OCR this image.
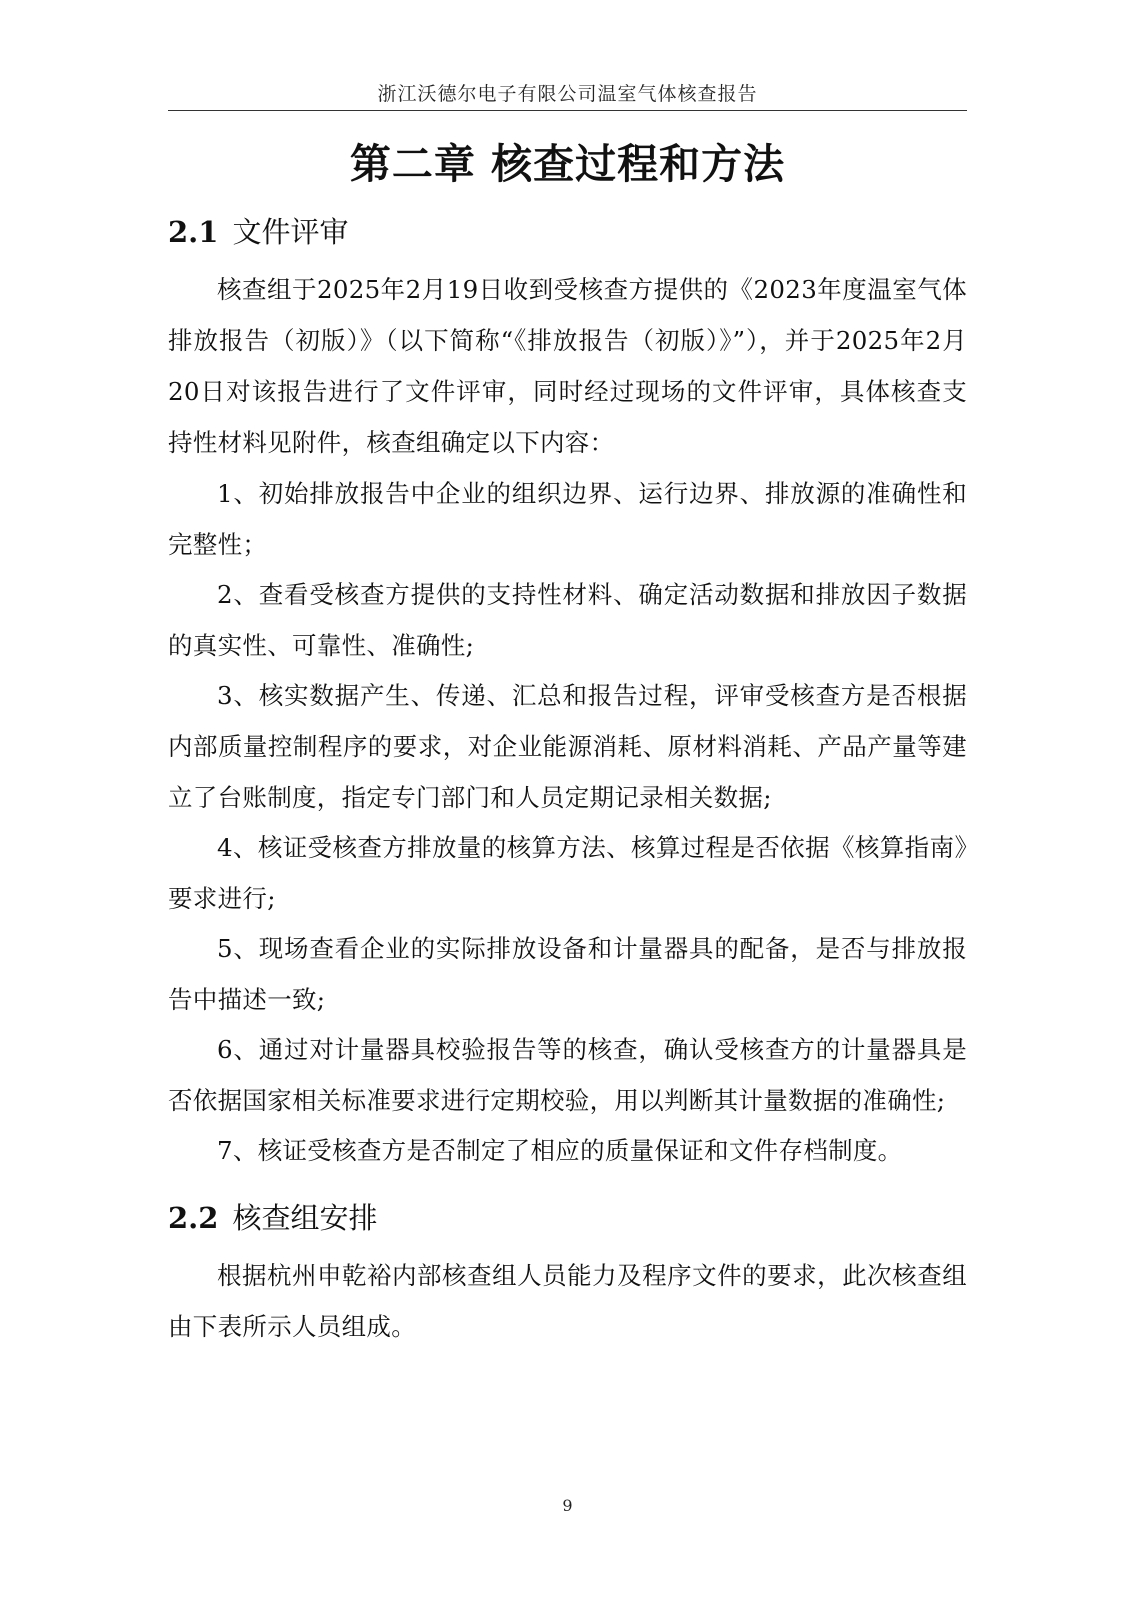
浙江沃德尔电子有限公司温室气体核查报告
第二章 核查过程和方法
2.1 文件评审

核查组于2025年2月19日收到受核查方提供的《2023年度温室气体排放报告（初版）》（以下简称“《排放报告（初版）》”），并于2025年2月20日对该报告进行了文件评审，同时经过现场的文件评审，具体核查支持性材料见附件，核查组确定以下内容：

1、初始排放报告中企业的组织边界、运行边界、排放源的准确性和完整性；

2、查看受核查方提供的支持性材料、确定活动数据和排放因子数据的真实性、可靠性、准确性;

3、核实数据产生、传递、汇总和报告过程，评审受核查方是否根据内部质量控制程序的要求，对企业能源消耗、原材料消耗、产品产量等建立了台账制度，指定专门部门和人员定期记录相关数据;

4、核证受核查方排放量的核算方法、核算过程是否依据《核算指南》要求进行;

5、现场查看企业的实际排放设备和计量器具的配备，是否与排放报告中描述一致;

6、通过对计量器具校验报告等的核查，确认受核查方的计量器具是否依据国家相关标准要求进行定期校验，用以判断其计量数据的准确性;

7、核证受核查方是否制定了相应的质量保证和文件存档制度。

2.2 核查组安排

根据杭州申乾裕内部核查组人员能力及程序文件的要求，此次核查组由下表所示人员组成。

9
